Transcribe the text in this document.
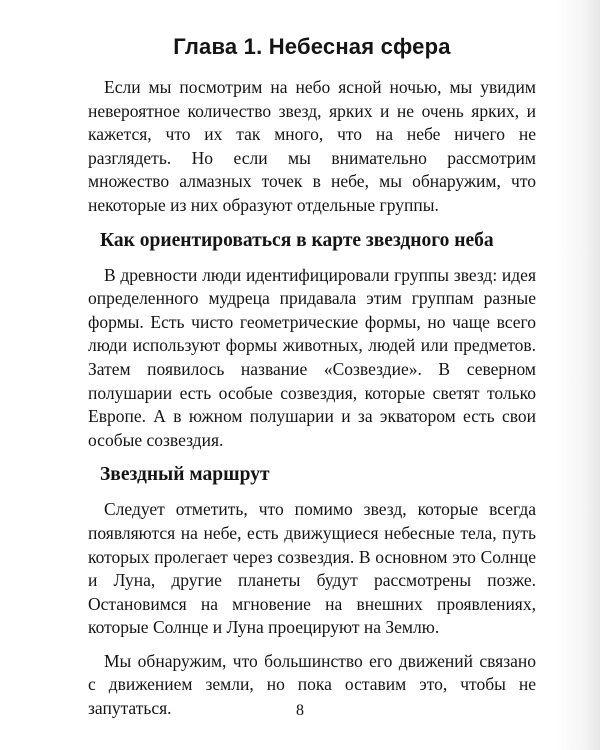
Глава 1. Небесная сфера

Если мы посмотрим на небо ясной ночью, мы увидим невероятное количество звезд, ярких и не очень ярких, и кажется, что их так много, что на небе ничего не разглядеть. Но если мы внимательно рассмотрим множество алмазных точек в небе, мы обнаружим, что некоторые из них образуют отдельные группы.

Как ориентироваться в карте звездного неба

В древности люди идентифицировали группы звезд: идея определенного мудреца придавала этим группам разные формы. Есть чисто геометрические формы, но чаще всего люди используют формы животных, людей или предметов. Затем появилось название «Созвездие». В северном полушарии есть особые созвездия, которые светят только Европе. А в южном полушарии и за экватором есть свои особые созвездия.

Звездный маршрут

Следует отметить, что помимо звезд, которые всегда появляются на небе, есть движущиеся небесные тела, путь которых пролегает через созвездия. В основном это Солнце и Луна, другие планеты будут рассмотрены позже. Остановимся на мгновение на внешних проявлениях, которые Солнце и Луна проецируют на Землю.

Мы обнаружим, что большинство его движений связано с движением земли, но пока оставим это, чтобы не запутаться.	8
